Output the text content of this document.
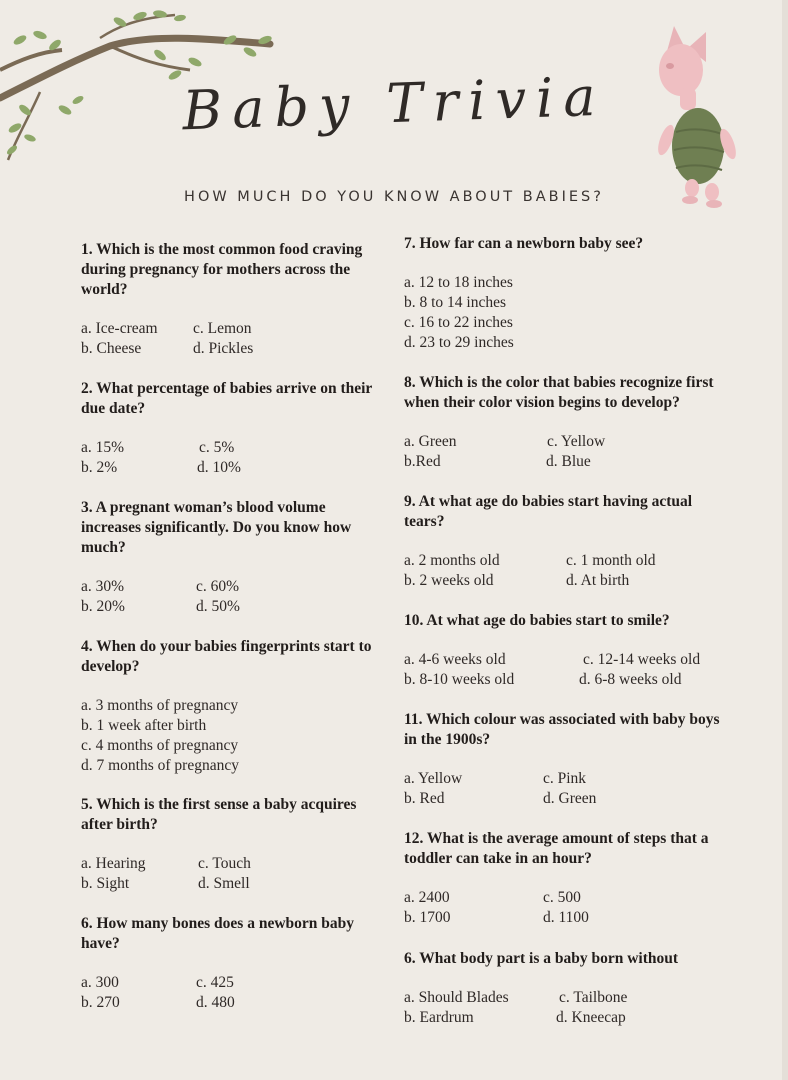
Baby Trivia
HOW MUCH DO YOU KNOW ABOUT BABIES?
1. Which is the most common food craving during pregnancy for mothers across the world?
a. Ice-cream	c. Lemon
b. Cheese	d. Pickles
2. What percentage of babies arrive on their due date?
a. 15%	c. 5%
b. 2%	d. 10%
3. A pregnant woman’s blood volume increases significantly. Do you know how much?
a. 30%	c. 60%
b. 20%	d. 50%
4. When do your babies fingerprints start to develop?
a. 3 months of pregnancy
b. 1 week after birth
c. 4 months of pregnancy
d. 7 months of pregnancy
5. Which is the first sense a baby acquires after birth?
a. Hearing	c. Touch
b. Sight	d. Smell
6. How many bones does a newborn baby have?
a. 300	c. 425
b. 270	d. 480
7. How far can a newborn baby see?
a. 12 to 18 inches
b. 8 to 14 inches
c. 16 to 22 inches
d. 23 to 29 inches
8. Which is the color that babies recognize first when their color vision begins to develop?
a. Green	c. Yellow
b.Red	d. Blue
9. At what age do babies start having actual tears?
a. 2 months old	c. 1 month old
b. 2 weeks old	d. At birth
10. At what age do babies start to smile?
a. 4-6 weeks old	c. 12-14 weeks old
b. 8-10 weeks old	d. 6-8 weeks old
11. Which colour was associated with baby boys in the 1900s?
a. Yellow	c. Pink
b. Red	d. Green
12. What is the average amount of steps that a toddler can take in an hour?
a. 2400	c. 500
b. 1700	d. 1100
6. What body part is a baby born without
a. Should Blades	c. Tailbone
b. Eardrum	d. Kneecap
